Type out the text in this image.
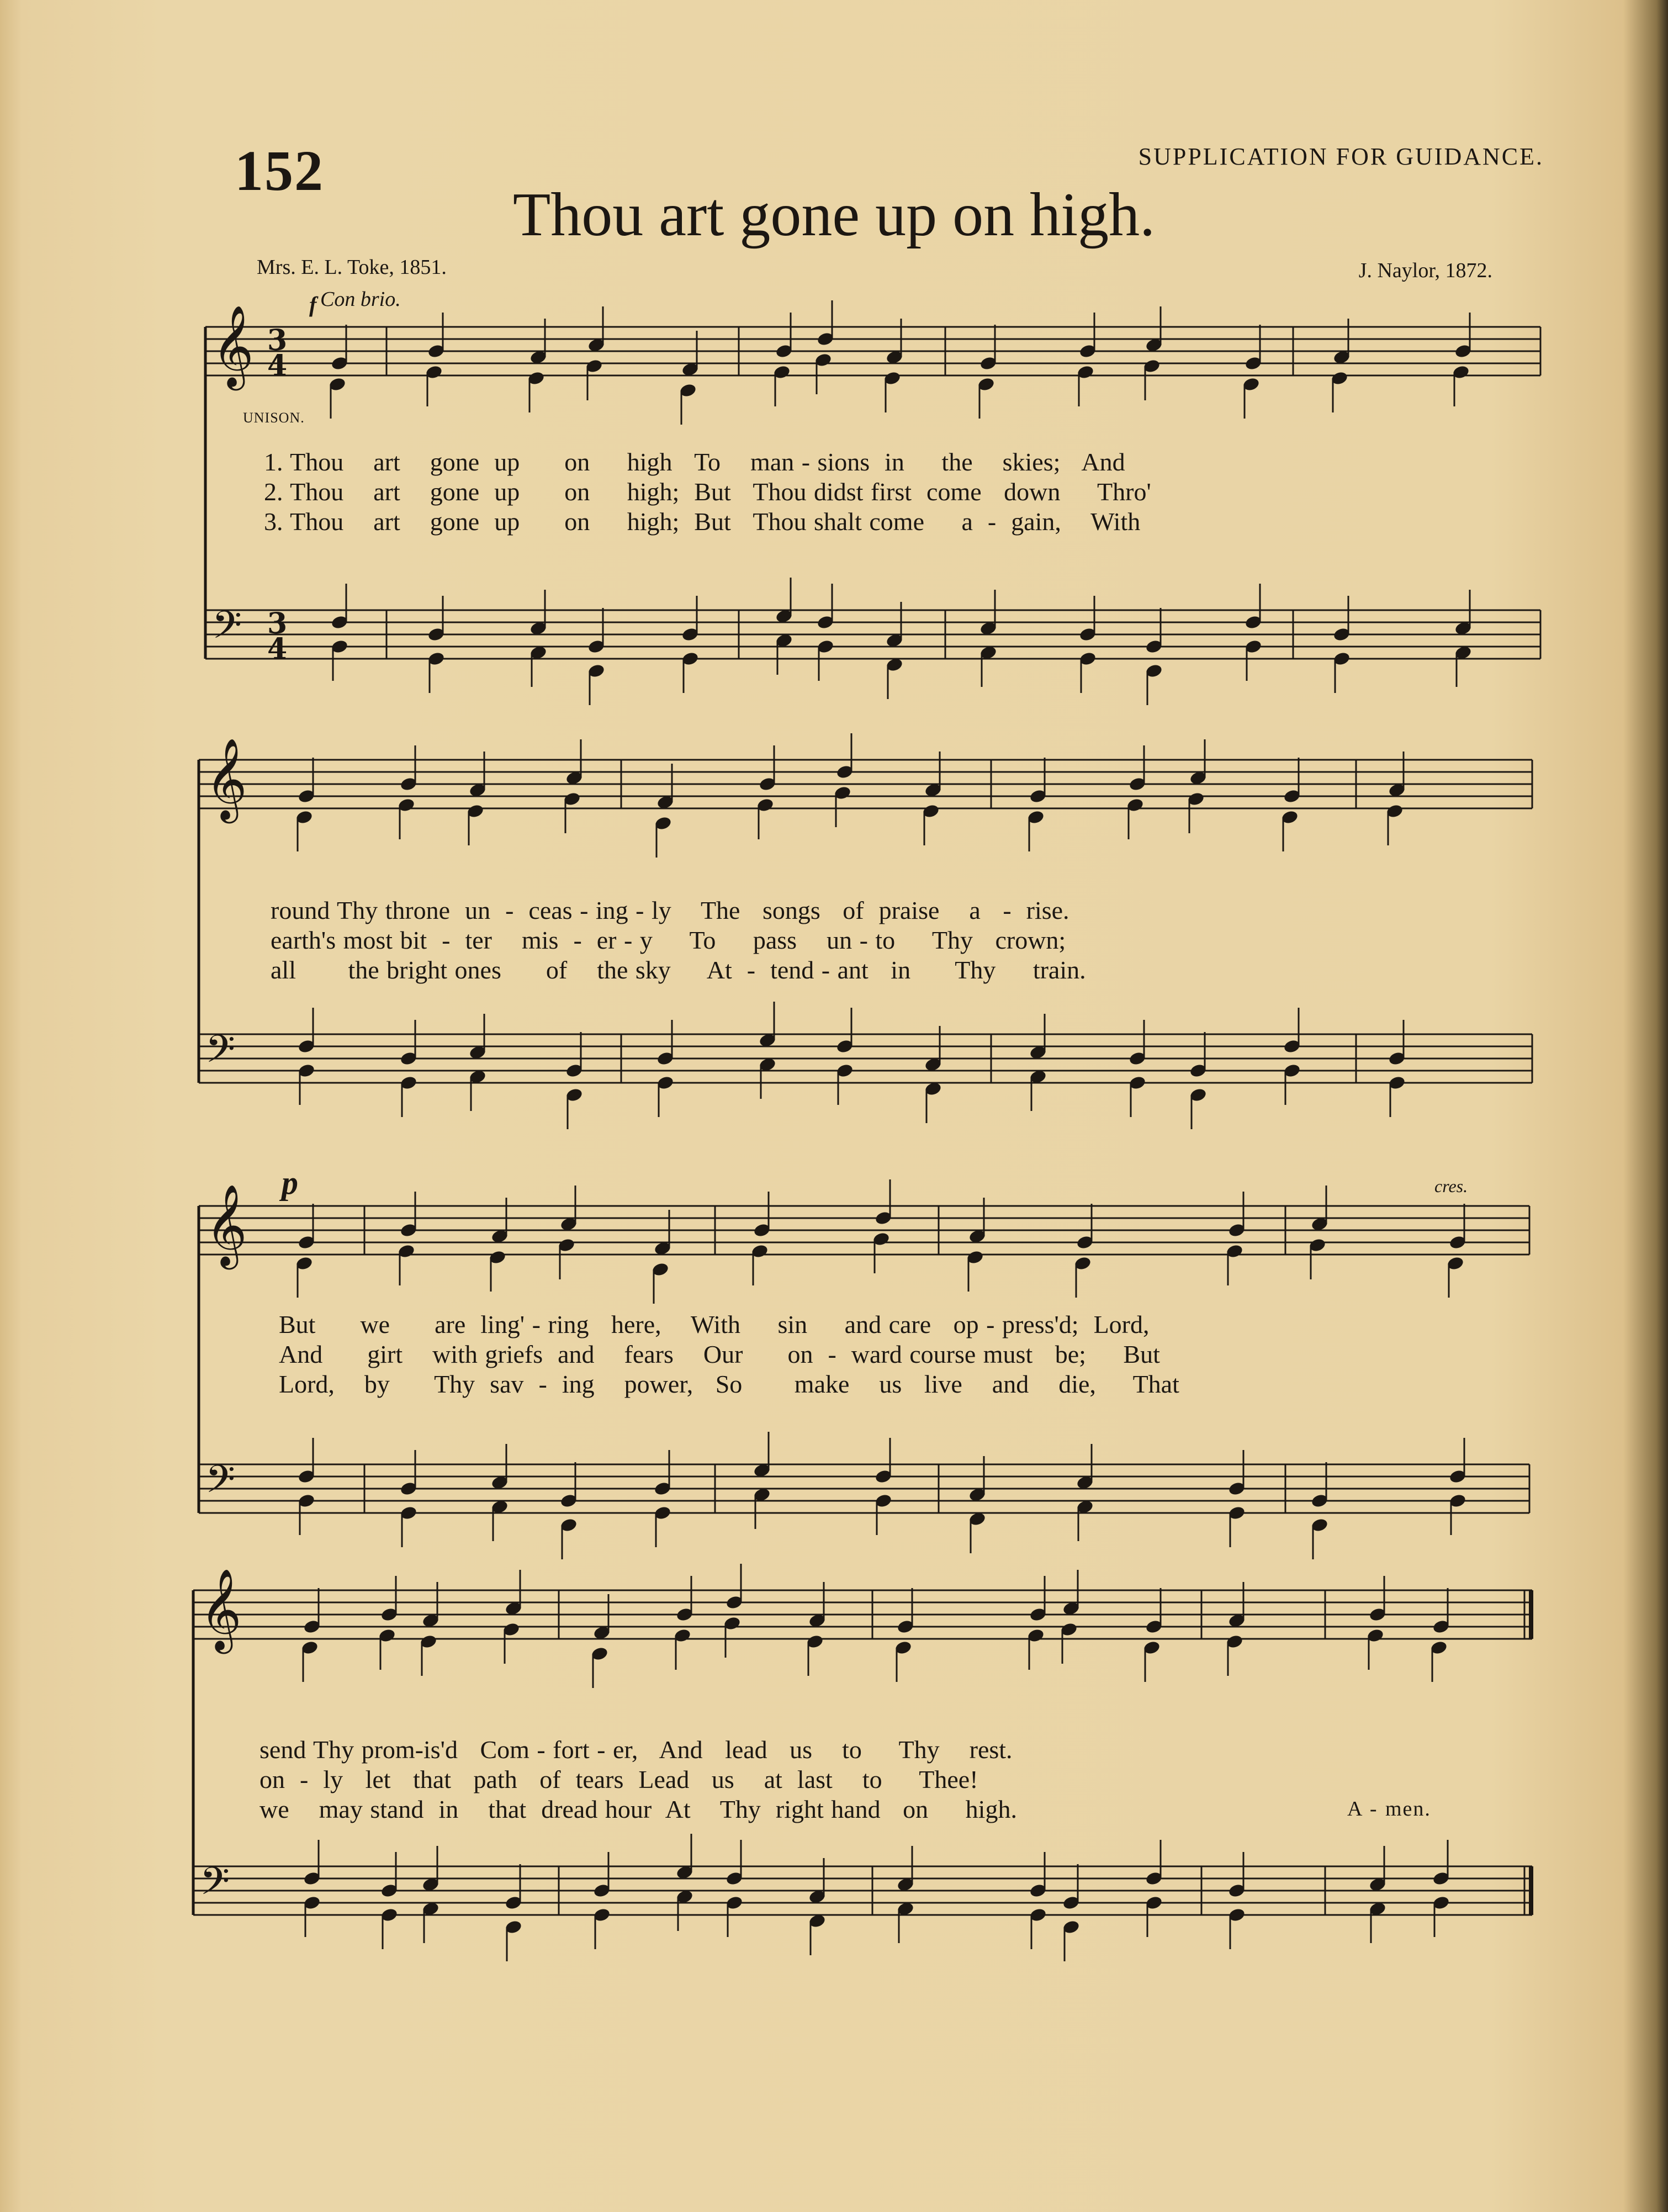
152	SUPPLICATION FOR GUIDANCE.
Thou art gone up on high.
Mrs. E. L. Toke, 1851.	J. Naylor, 1872.
f Con brio.
UNISON.
p	cres.
𝄞
𝄢
3
4
3
4
𝄞
𝄢
𝄞
𝄢
𝄞
𝄢
1. Thou    art    gone  up      on     high   To    man - sions  in     the    skies;   And
2. Thou    art    gone  up      on     high;  But   Thou didst first  come   down     Thro'
3. Thou    art    gone  up      on     high;  But   Thou shalt come     a  -  gain,    With
round Thy throne  un  -  ceas - ing - ly    The   songs   of  praise    a   -  rise.
earth's most bit  -  ter    mis  -  er - y     To     pass    un - to     Thy   crown;
all       the bright ones      of    the sky     At  -  tend - ant   in      Thy     train.
But      we      are  ling' - ring   here,    With     sin     and care   op - press'd;  Lord,
And      girt    with griefs  and    fears    Our      on  -  ward course must   be;     But
Lord,    by      Thy  sav  -  ing    power,   So       make    us   live    and    die,     That
send Thy prom-is'd   Com - fort - er,   And   lead   us    to     Thy    rest.
on  -  ly   let   that   path   of  tears  Lead   us    at  last    to     Thee!
we    may stand  in    that  dread hour  At    Thy  right hand   on     high.	A - men.
